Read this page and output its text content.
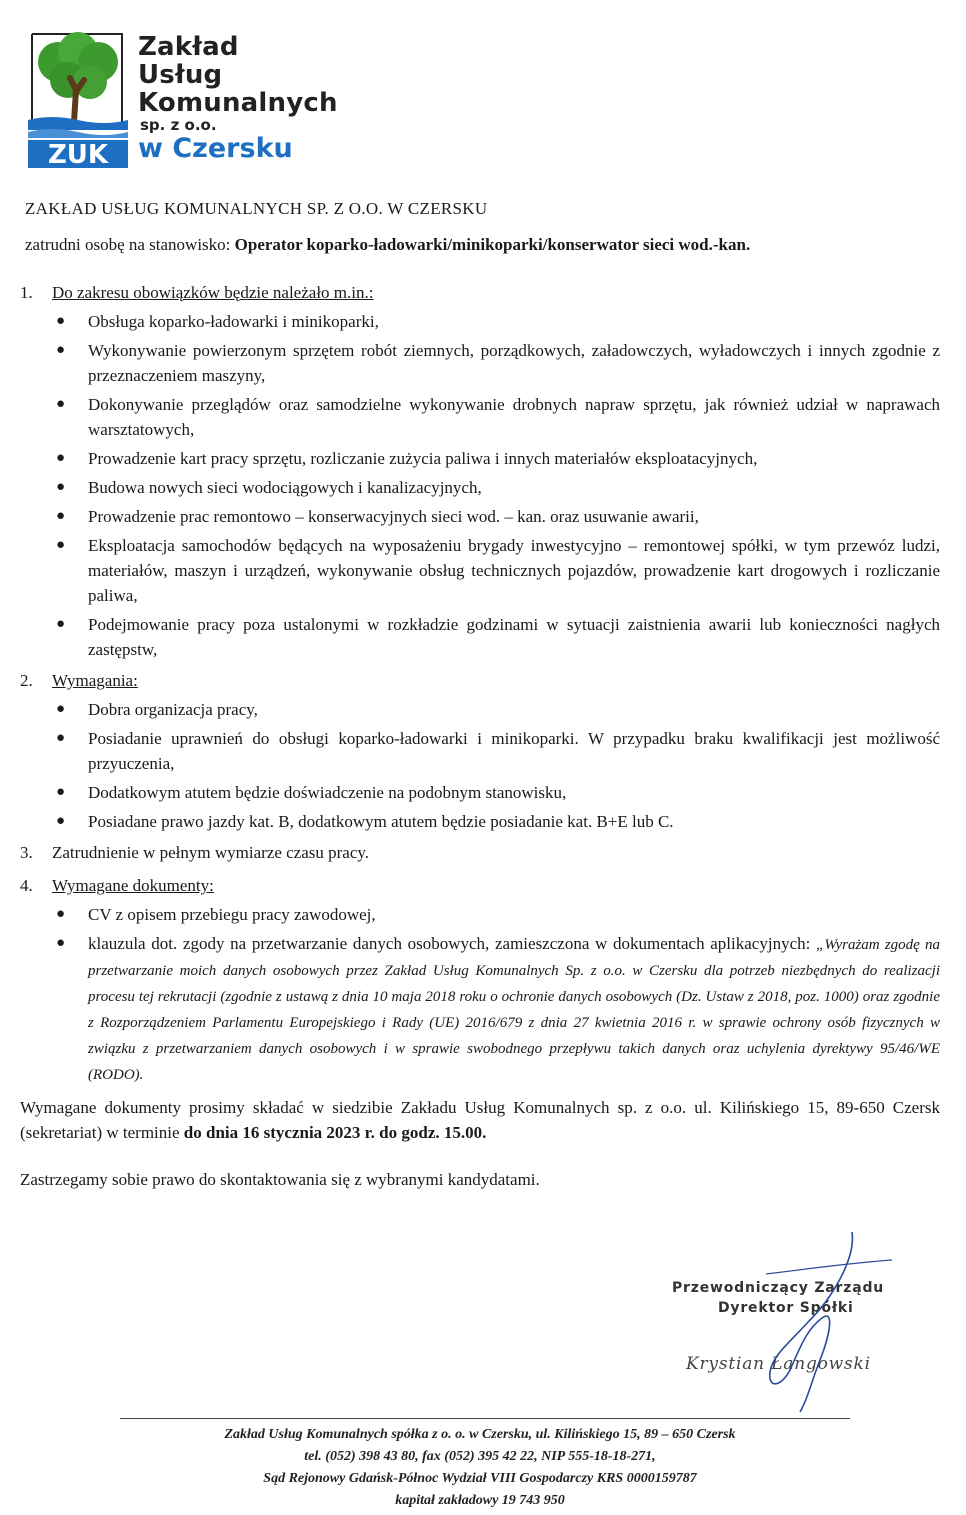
ZUK
Zakład
Usług
Komunalnych
sp. z o.o.
w Czersku
ZAKŁAD USŁUG KOMUNALNYCH SP. Z O.O. W CZERSKU
zatrudni osobę na stanowisko: Operator koparko-ładowarki/minikoparki/konserwator sieci wod.-kan.
1. Do zakresu obowiązków będzie należało m.in.:
● Obsługa koparko-ładowarki i minikoparki,
● Wykonywanie powierzonym sprzętem robót ziemnych, porządkowych, załadowczych, wyładowczych i innych zgodnie z przeznaczeniem maszyny,
● Dokonywanie przeglądów oraz samodzielne wykonywanie drobnych napraw sprzętu, jak również udział w naprawach warsztatowych,
● Prowadzenie kart pracy sprzętu, rozliczanie zużycia paliwa i innych materiałów eksploatacyjnych,
● Budowa nowych sieci wodociągowych i kanalizacyjnych,
● Prowadzenie prac remontowo – konserwacyjnych sieci wod. – kan. oraz usuwanie awarii,
● Eksploatacja samochodów będących na wyposażeniu brygady inwestycyjno – remontowej spółki, w tym przewóz ludzi, materiałów, maszyn i urządzeń, wykonywanie obsług technicznych pojazdów, prowadzenie kart drogowych i rozliczanie paliwa,
● Podejmowanie pracy poza ustalonymi w rozkładzie godzinami w sytuacji zaistnienia awarii lub konieczności nagłych zastępstw,
2. Wymagania:
● Dobra organizacja pracy,
● Posiadanie uprawnień do obsługi koparko-ładowarki i minikoparki. W przypadku braku kwalifikacji jest możliwość przyuczenia,
● Dodatkowym atutem będzie doświadczenie na podobnym stanowisku,
● Posiadane prawo jazdy kat. B, dodatkowym atutem będzie posiadanie kat. B+E lub C.
3. Zatrudnienie w pełnym wymiarze czasu pracy.
4. Wymagane dokumenty:
● CV z opisem przebiegu pracy zawodowej,
● klauzula dot. zgody na przetwarzanie danych osobowych, zamieszczona w dokumentach aplikacyjnych: „Wyrażam zgodę na przetwarzanie moich danych osobowych przez Zakład Usług Komunalnych Sp. z o.o. w Czersku dla potrzeb niezbędnych do realizacji procesu tej rekrutacji (zgodnie z ustawą z dnia 10 maja 2018 roku o ochronie danych osobowych (Dz. Ustaw z 2018, poz. 1000) oraz zgodnie z Rozporządzeniem Parlamentu Europejskiego i Rady (UE) 2016/679 z dnia 27 kwietnia 2016 r. w sprawie ochrony osób fizycznych w związku z przetwarzaniem danych osobowych i w sprawie swobodnego przepływu takich danych oraz uchylenia dyrektywy 95/46/WE (RODO).
Wymagane dokumenty prosimy składać w siedzibie Zakładu Usług Komunalnych sp. z o.o. ul. Kilińskiego 15, 89-650 Czersk (sekretariat) w terminie do dnia 16 stycznia 2023 r. do godz. 15.00.
Zastrzegamy sobie prawo do skontaktowania się z wybranymi kandydatami.
Przewodniczący Zarządu
Dyrektor Spółki
Krystian Łangowski
Zakład Usług Komunalnych spółka z o. o. w Czersku, ul. Kilińskiego 15, 89 – 650 Czersk
tel. (052) 398 43 80, fax (052) 395 42 22, NIP 555-18-18-271,
Sąd Rejonowy Gdańsk-Północ Wydział VIII Gospodarczy KRS 0000159787
kapitał zakładowy 19 743 950
